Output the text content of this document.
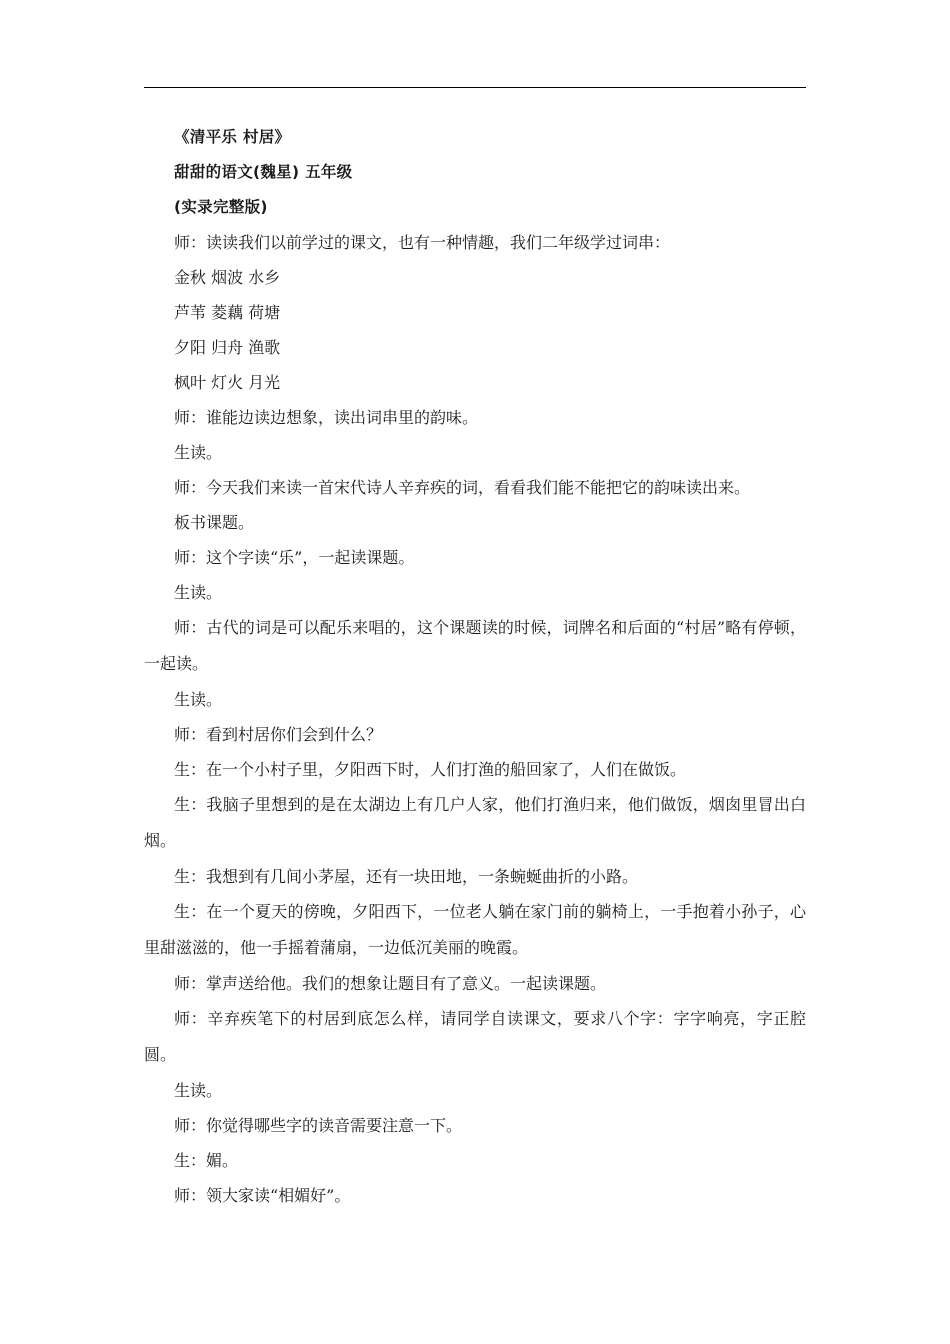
《清平乐 村居》

甜甜的语文(魏星) 五年级

(实录完整版)

师：读读我们以前学过的课文，也有一种情趣，我们二年级学过词串：

金秋 烟波 水乡

芦苇 菱藕 荷塘

夕阳 归舟 渔歌

枫叶 灯火 月光

师：谁能边读边想象，读出词串里的韵味。

生读。

师：今天我们来读一首宋代诗人辛弃疾的词，看看我们能不能把它的韵味读出来。

板书课题。

师：这个字读“乐”，一起读课题。

生读。

师：古代的词是可以配乐来唱的，这个课题读的时候，词牌名和后面的“村居”略有停顿，一起读。

生读。

师：看到村居你们会到什么？

生：在一个小村子里，夕阳西下时，人们打渔的船回家了，人们在做饭。

生：我脑子里想到的是在太湖边上有几户人家，他们打渔归来，他们做饭，烟囱里冒出白烟。

生：我想到有几间小茅屋，还有一块田地，一条蜿蜒曲折的小路。

生：在一个夏天的傍晚，夕阳西下，一位老人躺在家门前的躺椅上，一手抱着小孙子，心里甜滋滋的，他一手摇着蒲扇，一边低沉美丽的晚霞。

师：掌声送给他。我们的想象让题目有了意义。一起读课题。

师：辛弃疾笔下的村居到底怎么样，请同学自读课文，要求八个字：字字响亮，字正腔圆。

生读。

师：你觉得哪些字的读音需要注意一下。

生：媚。

师：领大家读“相媚好”。
